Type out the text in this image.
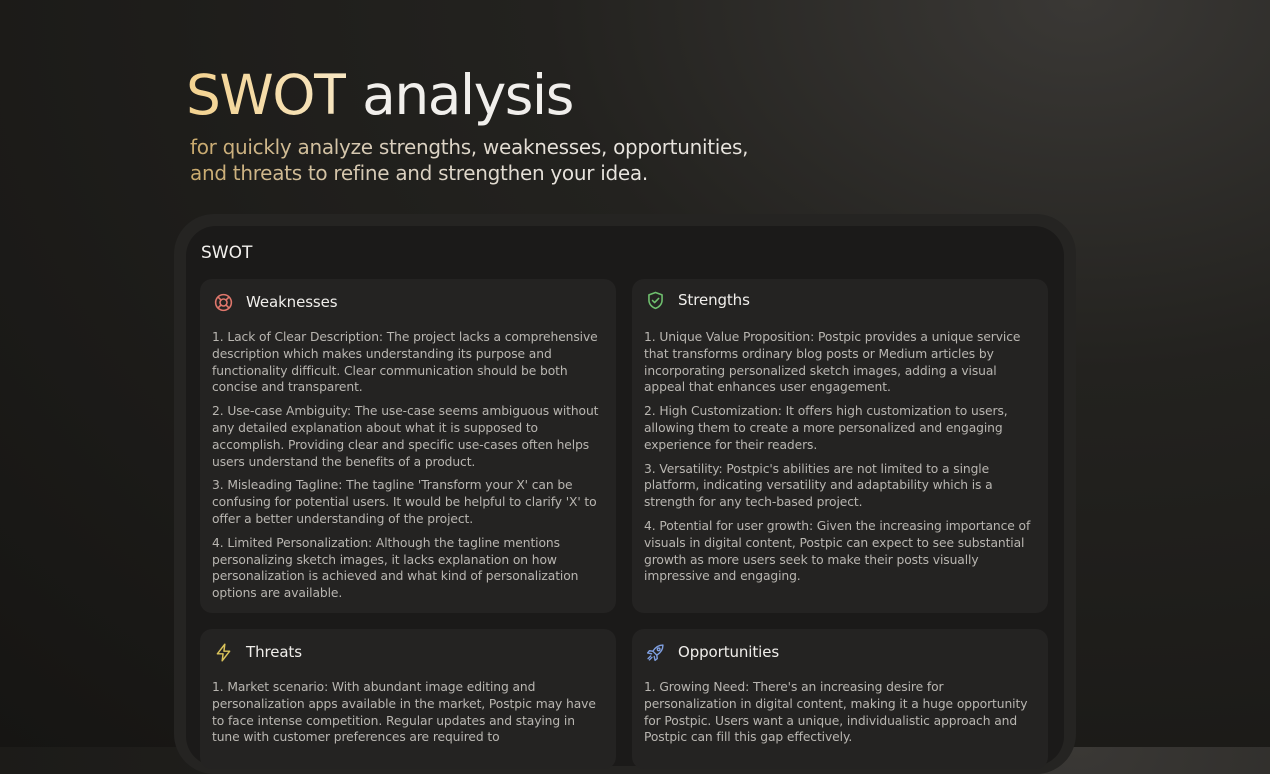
SWOT analysis

for quickly analyze strengths, weaknesses, opportunities,
and threats to refine and strengthen your idea.

SWOT
Weaknesses
1. Lack of Clear Description: The project lacks a comprehensive description which makes understanding its purpose and functionality difficult. Clear communication should be both concise and transparent.
2. Use-case Ambiguity: The use-case seems ambiguous without any detailed explanation about what it is supposed to accomplish. Providing clear and specific use-cases often helps users understand the benefits of a product.
3. Misleading Tagline: The tagline 'Transform your X' can be confusing for potential users. It would be helpful to clarify 'X' to offer a better understanding of the project.
4. Limited Personalization: Although the tagline mentions personalizing sketch images, it lacks explanation on how personalization is achieved and what kind of personalization options are available.
Strengths
1. Unique Value Proposition: Postpic provides a unique service that transforms ordinary blog posts or Medium articles by incorporating personalized sketch images, adding a visual appeal that enhances user engagement.
2. High Customization: It offers high customization to users, allowing them to create a more personalized and engaging experience for their readers.
3. Versatility: Postpic's abilities are not limited to a single platform, indicating versatility and adaptability which is a strength for any tech-based project.
4. Potential for user growth: Given the increasing importance of visuals in digital content, Postpic can expect to see substantial growth as more users seek to make their posts visually impressive and engaging.
Threats
1. Market scenario: With abundant image editing and personalization apps available in the market, Postpic may have to face intense competition. Regular updates and staying in tune with customer preferences are required to
Opportunities
1. Growing Need: There's an increasing desire for personalization in digital content, making it a huge opportunity for Postpic. Users want a unique, individualistic approach and Postpic can fill this gap effectively.
